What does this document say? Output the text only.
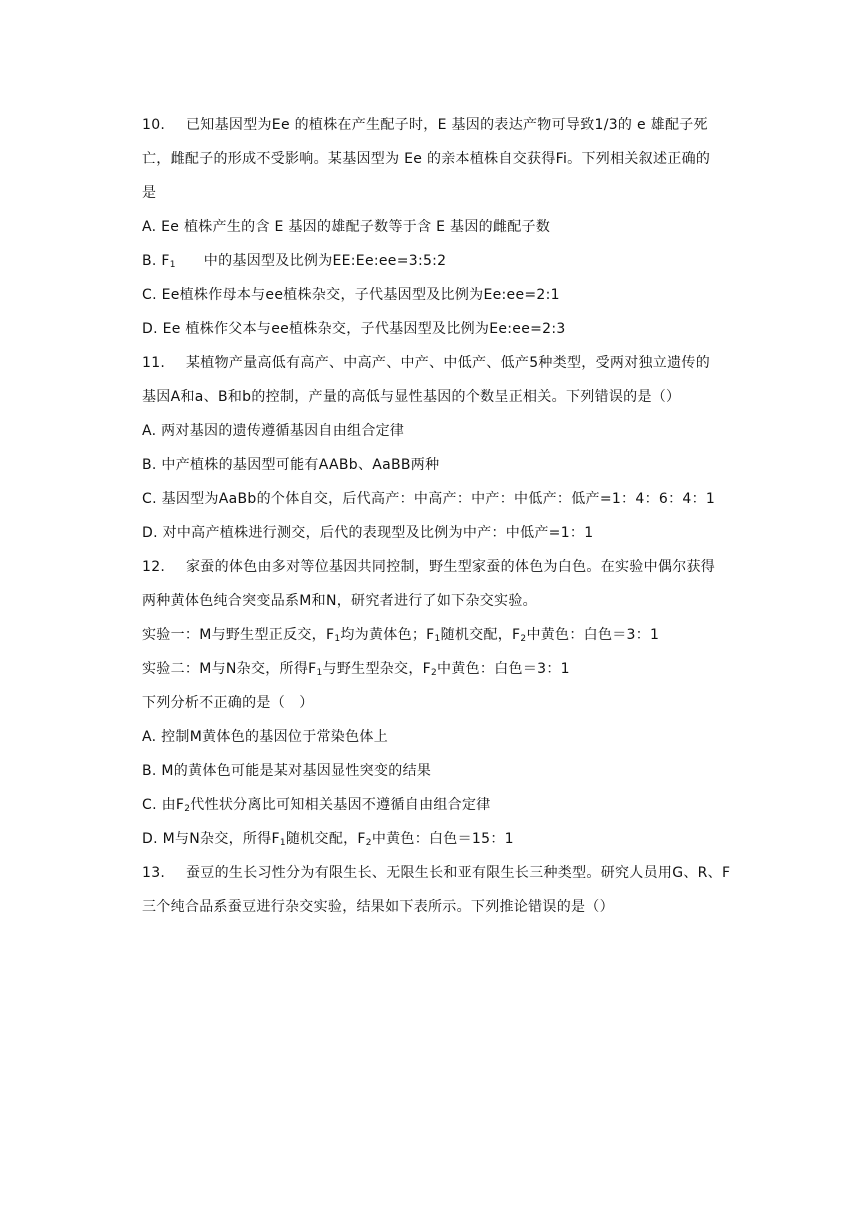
10. 已知基因型为Ee 的植株在产生配子时，E 基因的表达产物可导致1/3的 e 雄配子死
亡，雌配子的形成不受影响。某基因型为 Ee 的亲本植株自交获得Fi。下列相关叙述正确的
是
A. Ee 植株产生的含 E 基因的雄配子数等于含 E 基因的雌配子数
B. $F_1$ 中的基因型及比例为EE:Ee:ee=3:5:2
C. Ee植株作母本与ee植株杂交，子代基因型及比例为Ee:ee=2:1
D. Ee 植株作父本与ee植株杂交，子代基因型及比例为Ee:ee=2:3
11. 某植物产量高低有高产、中高产、中产、中低产、低产5种类型，受两对独立遗传的
基因A和a、B和b的控制，产量的高低与显性基因的个数呈正相关。下列错误的是（）
A. 两对基因的遗传遵循基因自由组合定律
B. 中产植株的基因型可能有AABb、AaBB两种
C. 基因型为AaBb的个体自交，后代高产：中高产：中产：中低产：低产=1：4：6：4：1
D. 对中高产植株进行测交，后代的表现型及比例为中产：中低产=1：1
12. 家蚕的体色由多对等位基因共同控制，野生型家蚕的体色为白色。在实验中偶尔获得
两种黄体色纯合突变品系M和N，研究者进行了如下杂交实验。
实验一：M与野生型正反交，$F_1$均为黄体色；$F_1$随机交配，$F_2$中黄色：白色＝3：1
实验二：M与N杂交，所得$F_1$与野生型杂交，$F_2$中黄色：白色＝3：1
下列分析不正确的是（　）
A. 控制M黄体色的基因位于常染色体上
B. M的黄体色可能是某对基因显性突变的结果
C. 由$F_2$代性状分离比可知相关基因不遵循自由组合定律
D. M与N杂交，所得$F_1$随机交配，$F_2$中黄色：白色＝15：1
13. 蚕豆的生长习性分为有限生长、无限生长和亚有限生长三种类型。研究人员用G、R、F
三个纯合品系蚕豆进行杂交实验，结果如下表所示。下列推论错误的是（）
